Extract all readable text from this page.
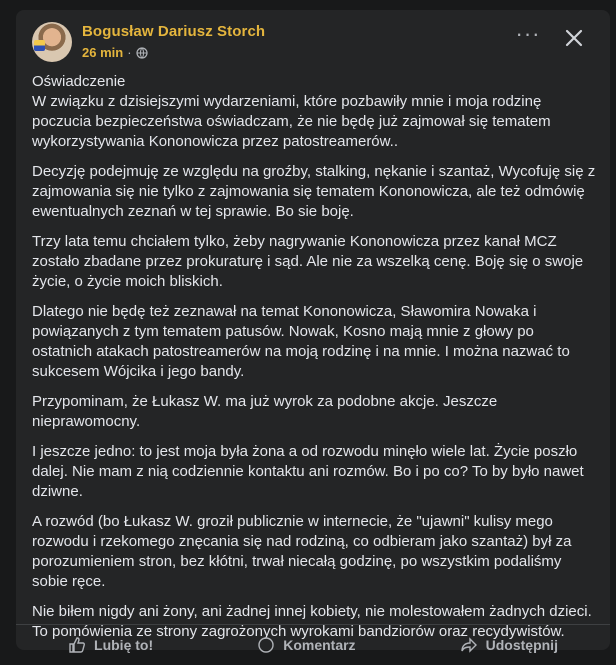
Bogusław Dariusz Storch
26 min ·
···

Oświadczenie
W związku z dzisiejszymi wydarzeniami, które pozbawiły mnie i moja rodzinę poczucia bezpieczeństwa oświadczam, że nie będę już zajmował się tematem wykorzystywania Kononowicza przez patostreamerów..

Decyzję podejmuję ze względu na groźby, stalking, nękanie i szantaż, Wycofuję się z zajmowania się nie tylko z zajmowania się tematem Kononowicza, ale też odmówię ewentualnych zeznań w tej sprawie. Bo sie boję.

Trzy lata temu chciałem tylko, żeby nagrywanie Kononowicza przez kanał MCZ zostało zbadane przez prokuraturę i sąd. Ale nie za wszelką cenę. Boję się o swoje życie, o życie moich bliskich.

Dlatego nie będę też zeznawał na temat Kononowicza, Sławomira Nowaka i powiązanych z tym tematem patusów. Nowak, Kosno mają mnie z głowy po ostatnich atakach patostreamerów na moją rodzinę i na mnie. I można nazwać to sukcesem Wójcika i jego bandy.

Przypominam, że Łukasz W. ma już wyrok za podobne akcje. Jeszcze nieprawomocny.

I jeszcze jedno: to jest moja była żona a od rozwodu minęło wiele lat. Życie poszło dalej. Nie mam z nią codziennie kontaktu ani rozmów. Bo i po co? To by było nawet dziwne.

A rozwód (bo Łukasz W. groził publicznie w internecie, że "ujawni" kulisy mego rozwodu i rzekomego znęcania się nad rodziną, co odbieram jako szantaż) był za porozumieniem stron, bez kłótni, trwał niecałą godzinę, po wszystkim podaliśmy sobie ręce.

Nie biłem nigdy ani żony, ani żadnej innej kobiety, nie molestowałem żadnych dzieci. To pomówienia ze strony zagrożonych wyrokami bandziorów oraz recydywistów.

Lubię to!	Komentarz	Udostępnij
